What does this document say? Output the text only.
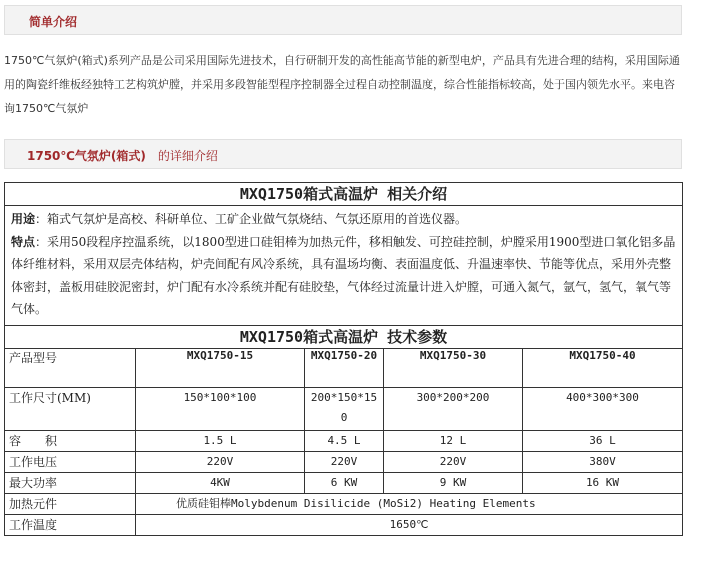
简单介绍
1750℃气氛炉(箱式)系列产品是公司采用国际先进技术，自行研制开发的高性能高节能的新型电炉，产品具有先进合理的结构，采用国际通用的陶瓷纤维板经独特工艺构筑炉膛，并采用多段智能型程序控制器全过程自动控制温度，综合性能指标较高，处于国内领先水平。来电咨询1750℃气氛炉1750℃气氛炉
1750℃气氛炉(箱式)　 的详细介绍
MXQ1750箱式高温炉 相关介绍				

用途：箱式气氛炉是高校、科研单位、工矿企业做气氛烧结、气氛还原用的首选仪器。
特点：采用50段程序控温系统，以1800型进口硅钼棒为加热元件，移相触发、可控硅控制，炉膛采用1900型进口氧化铝多晶体纤维材料，采用双层壳体结构，炉壳间配有风冷系统，具有温场均衡、表面温度低、升温速率快、节能等优点，采用外壳整体密封，盖板用硅胶泥密封，炉门配有水冷系统并配有硅胶垫，气体经过流量计进入炉膛，可通入氮气，氩气，氢气，氧气等气体。				

MXQ1750箱式高温炉 技术参数				
产品型号	MXQ1750-15	MXQ1750-20	MXQ1750-30	MXQ1750-40
工作尺寸(MM)	150*100*100	200*150*150	300*200*200	400*300*300
容　　积	1.5 L	4.5 L	12 L	36 L
工作电压	220V	220V	220V	380V
最大功率	4KW	6 KW	9 KW	16 KW
加热元件	优质硅钼棒Molybdenum Disilicide (MoSi2) Heating Elements			
工作温度	1650℃			
